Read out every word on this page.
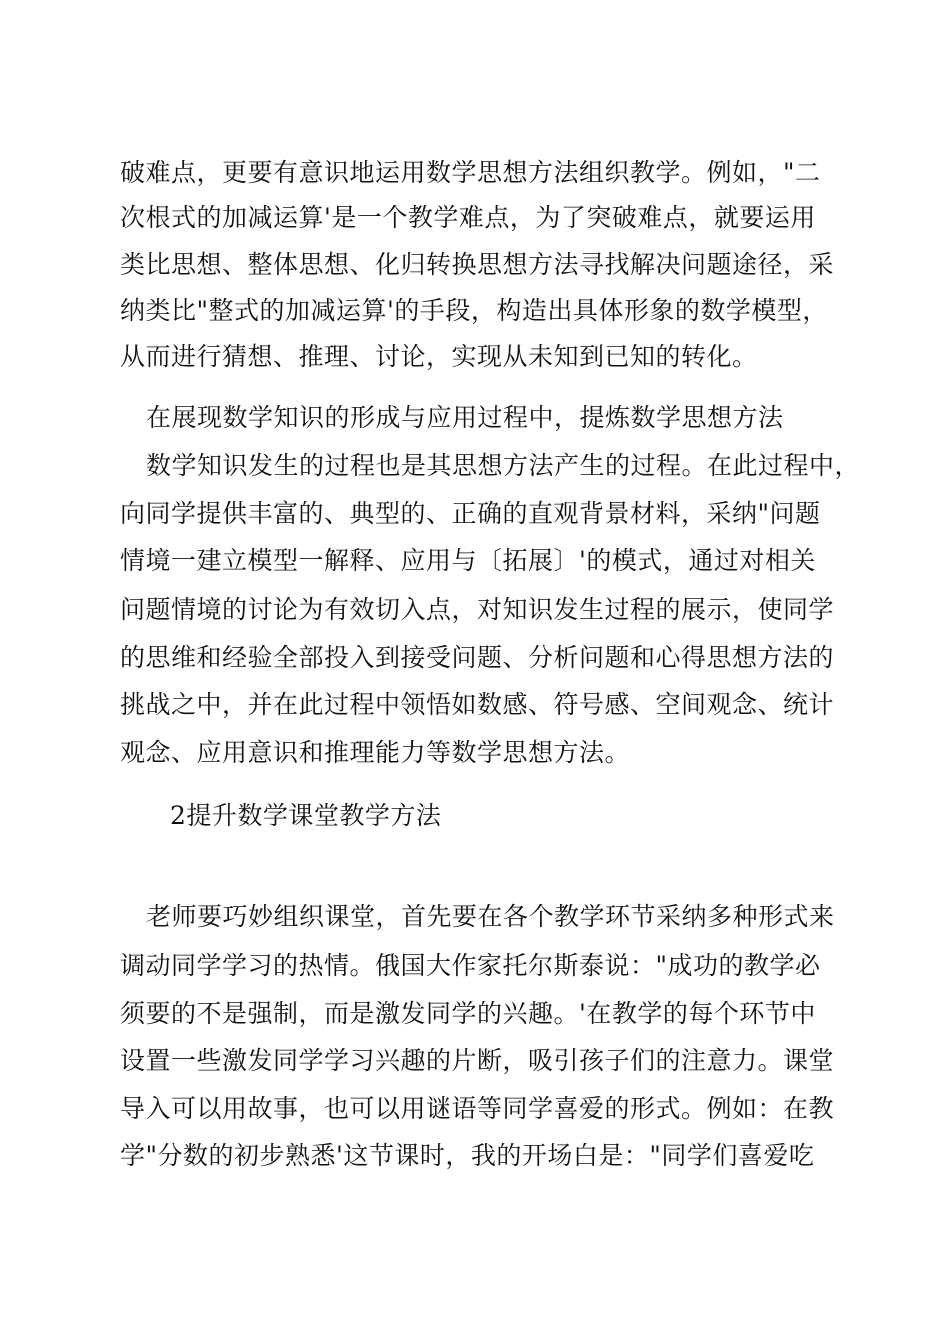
破难点，更要有意识地运用数学思想方法组织教学。例如，"二
次根式的加减运算'是一个教学难点，为了突破难点，就要运用
类比思想、整体思想、化归转换思想方法寻找解决问题途径，采
纳类比"整式的加减运算'的手段，构造出具体形象的数学模型，
从而进行猜想、推理、讨论，实现从未知到已知的转化。
在展现数学知识的形成与应用过程中，提炼数学思想方法
数学知识发生的过程也是其思想方法产生的过程。在此过程中，
向同学提供丰富的、典型的、正确的直观背景材料，采纳"问题
情境一建立模型一解释、应用与〔拓展〕'的模式，通过对相关
问题情境的讨论为有效切入点，对知识发生过程的展示，使同学
的思维和经验全部投入到接受问题、分析问题和心得思想方法的
挑战之中，并在此过程中领悟如数感、符号感、空间观念、统计
观念、应用意识和推理能力等数学思想方法。
2提升数学课堂教学方法
老师要巧妙组织课堂，首先要在各个教学环节采纳多种形式来
调动同学学习的热情。俄国大作家托尔斯泰说："成功的教学必
须要的不是强制，而是激发同学的兴趣。'在教学的每个环节中
设置一些激发同学学习兴趣的片断，吸引孩子们的注意力。课堂
导入可以用故事，也可以用谜语等同学喜爱的形式。例如：在教
学"分数的初步熟悉'这节课时，我的开场白是："同学们喜爱吃
